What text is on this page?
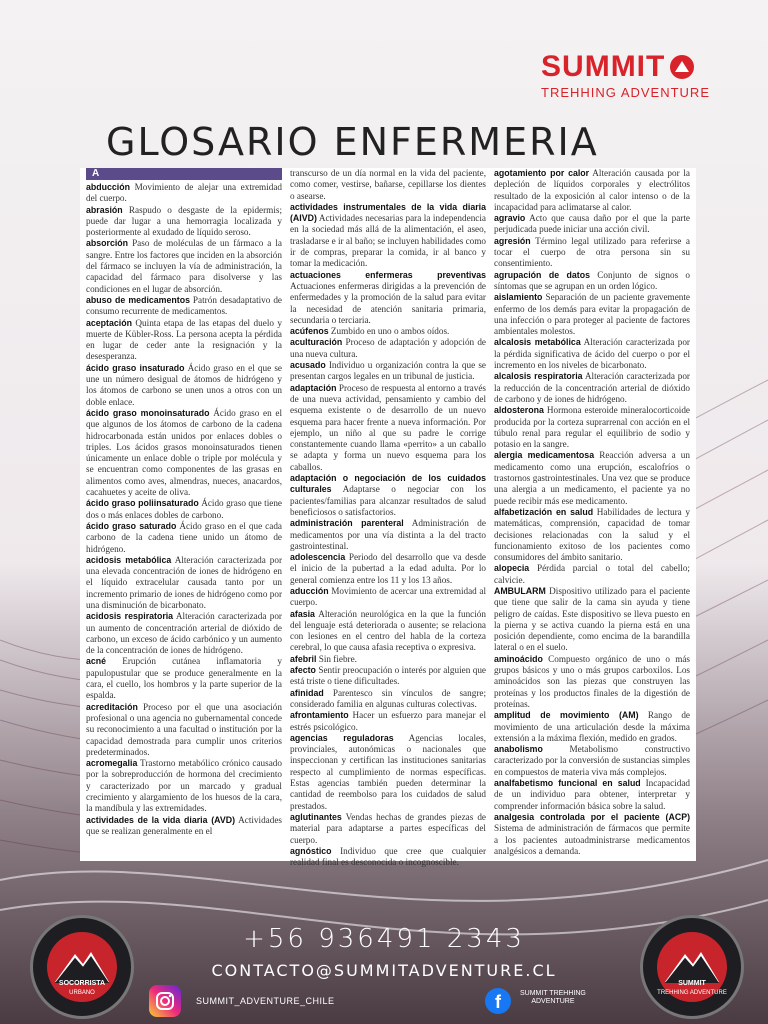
SUMMIT
TREHHING ADVENTURE
GLOSARIO ENFERMERIA
A

abducción Movimiento de alejar una extremidad del cuerpo.

abrasión Raspudo o desgaste de la epidermis; puede dar lugar a una hemorragia localizada y posteriormente al exudado de líquido seroso.

absorción Paso de moléculas de un fármaco a la sangre. Entre los factores que inciden en la absorción del fármaco se incluyen la vía de administración, la capacidad del fármaco para disolverse y las condiciones en el lugar de absorción.

abuso de medicamentos Patrón desadaptativo de consumo recurrente de medicamentos.

aceptación Quinta etapa de las etapas del duelo y muerte de Kübler-Ross. La persona acepta la pérdida en lugar de ceder ante la resignación y la desesperanza.

ácido graso insaturado Ácido graso en el que se une un número desigual de átomos de hidrógeno y los átomos de carbono se unen unos a otros con un doble enlace.

ácido graso monoinsaturado Ácido graso en el que algunos de los átomos de carbono de la cadena hidrocarbonada están unidos por enlaces dobles o triples. Los ácidos grasos monoinsaturados tienen únicamente un enlace doble o triple por molécula y se encuentran como componentes de las grasas en alimentos como aves, almendras, nueces, anacardos, cacahuetes y aceite de oliva.

ácido graso poliinsaturado Ácido graso que tiene dos o más enlaces dobles de carbono.

ácido graso saturado Ácido graso en el que cada carbono de la cadena tiene unido un átomo de hidrógeno.

acidosis metabólica Alteración caracterizada por una elevada concentración de iones de hidrógeno en el líquido extracelular causada tanto por un incremento primario de iones de hidrógeno como por una disminución de bicarbonato.

acidosis respiratoria Alteración caracterizada por un aumento de concentración arterial de dióxido de carbono, un exceso de ácido carbónico y un aumento de la concentración de iones de hidrógeno.

acné Erupción cutánea inflamatoria y papulopustular que se produce generalmente en la cara, el cuello, los hombros y la parte superior de la espalda.

acreditación Proceso por el que una asociación profesional o una agencia no gubernamental concede su reconocimiento a una facultad o institución por la capacidad demostrada para cumplir unos criterios predeterminados.

acromegalia Trastorno metabólico crónico causado por la sobreproducción de hormona del crecimiento y caracterizado por un marcado y gradual crecimiento y alargamiento de los huesos de la cara, la mandíbula y las extremidades.

actividades de la vida diaria (AVD) Actividades que se realizan generalmente en el

transcurso de un día normal en la vida del paciente, como comer, vestirse, bañarse, cepillarse los dientes o asearse.

actividades instrumentales de la vida diaria (AIVD) Actividades necesarias para la independencia en la sociedad más allá de la alimentación, el aseo, trasladarse e ir al baño; se incluyen habilidades como ir de compras, preparar la comida, ir al banco y tomar la medicación.

actuaciones enfermeras preventivas Actuaciones enfermeras dirigidas a la prevención de enfermedades y la promoción de la salud para evitar la necesidad de atención sanitaria primaria, secundaria o terciaria.

acúfenos Zumbido en uno o ambos oídos.

aculturación Proceso de adaptación y adopción de una nueva cultura.

acusado Individuo u organización contra la que se presentan cargos legales en un tribunal de justicia.

adaptación Proceso de respuesta al entorno a través de una nueva actividad, pensamiento y cambio del esquema existente o de desarrollo de un nuevo esquema para hacer frente a nueva información. Por ejemplo, un niño al que su padre le corrige constantemente cuando llama «perrito» a un caballo se adapta y forma un nuevo esquema para los caballos.

adaptación o negociación de los cuidados culturales Adaptarse o negociar con los pacientes/familias para alcanzar resultados de salud beneficiosos o satisfactorios.

administración parenteral Administración de medicamentos por una vía distinta a la del tracto gastrointestinal.

adolescencia Periodo del desarrollo que va desde el inicio de la pubertad a la edad adulta. Por lo general comienza entre los 11 y los 13 años.

aducción Movimiento de acercar una extremidad al cuerpo.

afasia Alteración neurológica en la que la función del lenguaje está deteriorada o ausente; se relaciona con lesiones en el centro del habla de la corteza cerebral, lo que causa afasia receptiva o expresiva.

afebril Sin fiebre.

afecto Sentir preocupación o interés por alguien que está triste o tiene dificultades.

afinidad Parentesco sin vínculos de sangre; considerado familia en algunas culturas colectivas.

afrontamiento Hacer un esfuerzo para manejar el estrés psicológico.

agencias reguladoras Agencias locales, provinciales, autonómicas o nacionales que inspeccionan y certifican las instituciones sanitarias respecto al cumplimiento de normas específicas. Estas agencias también pueden determinar la cantidad de reembolso para los cuidados de salud prestados.

aglutinantes Vendas hechas de grandes piezas de material para adaptarse a partes específicas del cuerpo.

agnóstico Individuo que cree que cualquier realidad final es desconocida o incognoscible.

agotamiento por calor Alteración causada por la depleción de líquidos corporales y electrólitos resultado de la exposición al calor intenso o de la incapacidad para aclimatarse al calor.

agravio Acto que causa daño por el que la parte perjudicada puede iniciar una acción civil.

agresión Término legal utilizado para referirse a tocar el cuerpo de otra persona sin su consentimiento.

agrupación de datos Conjunto de signos o síntomas que se agrupan en un orden lógico.

aislamiento Separación de un paciente gravemente enfermo de los demás para evitar la propagación de una infección o para proteger al paciente de factores ambientales molestos.

alcalosis metabólica Alteración caracterizada por la pérdida significativa de ácido del cuerpo o por el incremento en los niveles de bicarbonato.

alcalosis respiratoria Alteración caracterizada por la reducción de la concentración arterial de dióxido de carbono y de iones de hidrógeno.

aldosterona Hormona esteroide mineralocorticoide producida por la corteza suprarrenal con acción en el túbulo renal para regular el equilibrio de sodio y potasio en la sangre.

alergia medicamentosa Reacción adversa a un medicamento como una erupción, escalofríos o trastornos gastrointestinales. Una vez que se produce una alergia a un medicamento, el paciente ya no puede recibir más ese medicamento.

alfabetización en salud Habilidades de lectura y matemáticas, comprensión, capacidad de tomar decisiones relacionadas con la salud y el funcionamiento exitoso de los pacientes como consumidores del ámbito sanitario.

alopecia Pérdida parcial o total del cabello; calvicie.

AMBULARM Dispositivo utilizado para el paciente que tiene que salir de la cama sin ayuda y tiene peligro de caídas. Este dispositivo se lleva puesto en la pierna y se activa cuando la pierna está en una posición dependiente, como encima de la barandilla lateral o en el suelo.

aminoácido Compuesto orgánico de uno o más grupos básicos y uno o más grupos carboxilos. Los aminoácidos son las piezas que construyen las proteínas y los productos finales de la digestión de proteínas.

amplitud de movimiento (AM) Rango de movimiento de una articulación desde la máxima extensión a la máxima flexión, medido en grados.

anabolismo	Metabolismo constructivo caracterizado por la conversión de sustancias simples en compuestos de materia viva más complejos.

analfabetismo funcional en salud Incapacidad de un individuo para obtener, interpretar y comprender información básica sobre la salud.

analgesia controlada por el paciente (ACP) Sistema de administración de fármacos que permite a los pacientes autoadministrarse medicamentos analgésicos a demanda.

+56 936491 2343
CONTACTO@SUMMITADVENTURE.CL
SUMMIT_ADVENTURE_CHILE	f	SUMMIT TREHHING
ADVENTURE
SOCORRISTA
URBANO
SUMMIT
TREHHING ADVENTURE
